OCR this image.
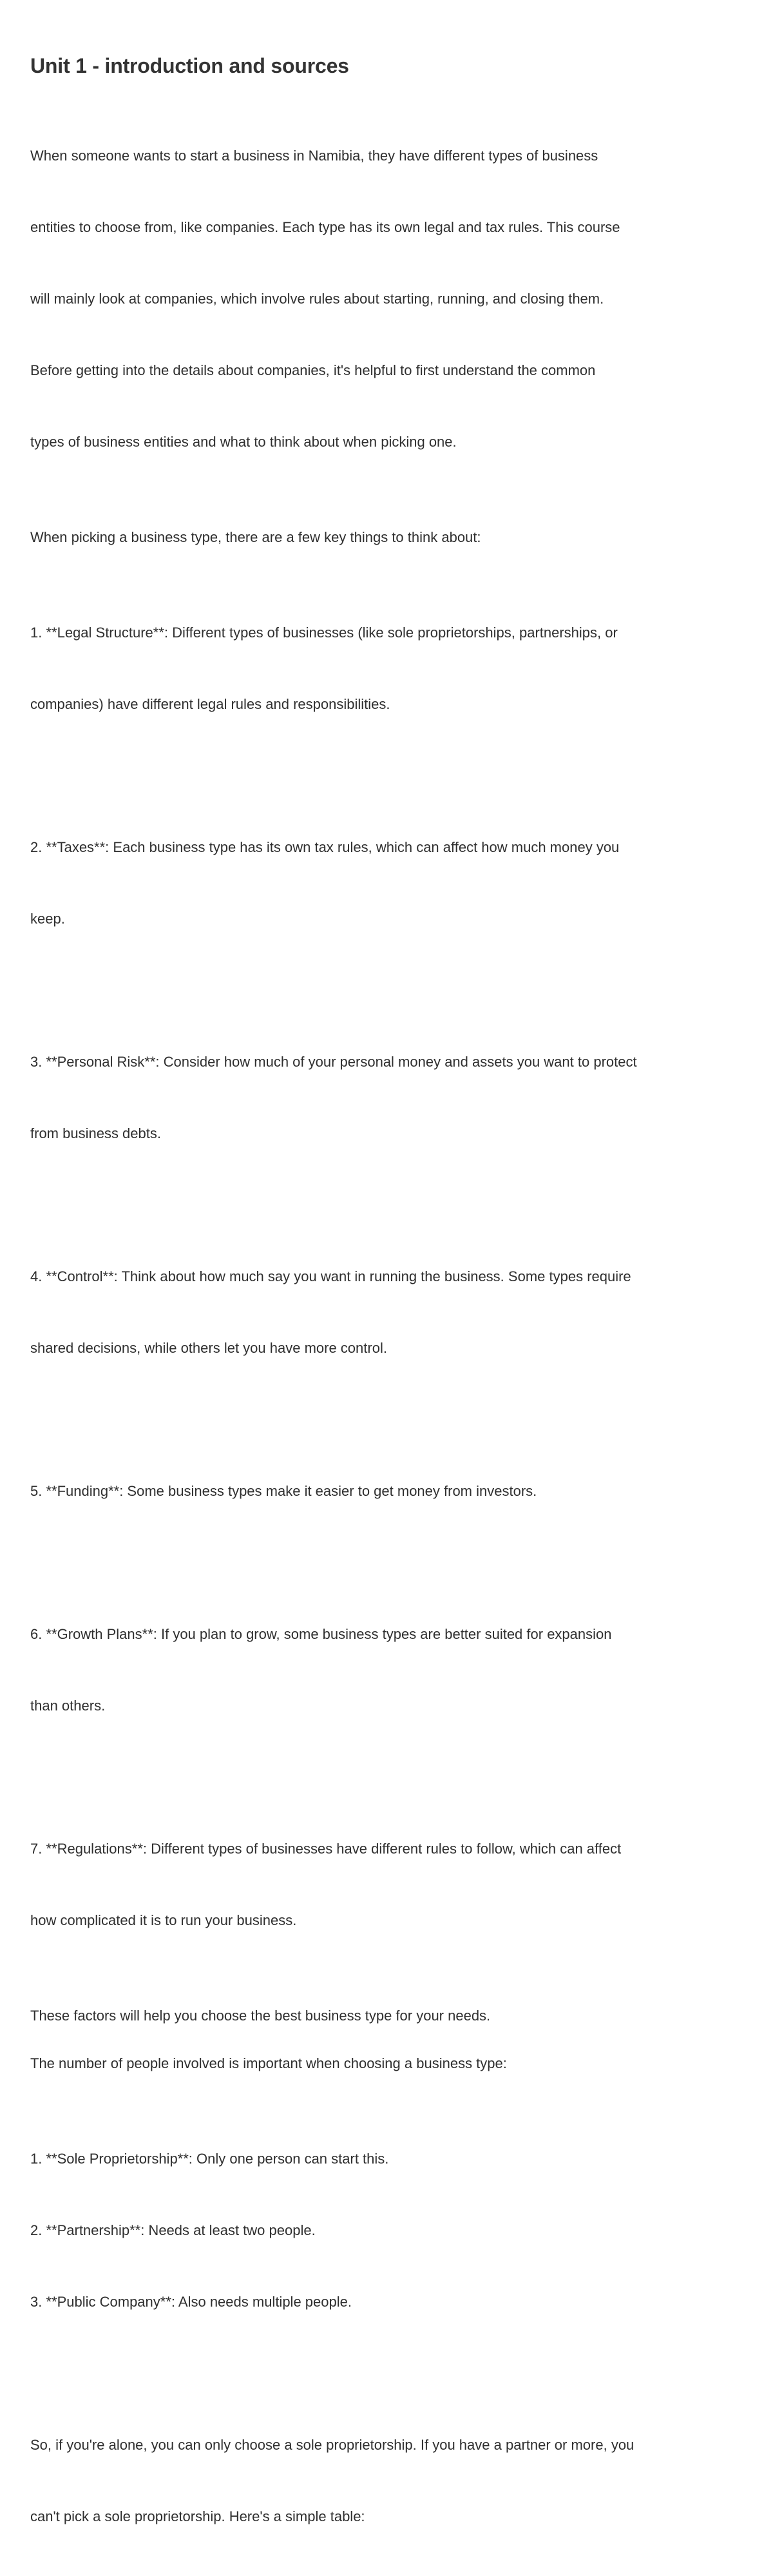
Unit 1 - introduction and sources

When someone wants to start a business in Namibia, they have different types of business

entities to choose from, like companies. Each type has its own legal and tax rules. This course

will mainly look at companies, which involve rules about starting, running, and closing them.

Before getting into the details about companies, it's helpful to first understand the common

types of business entities and what to think about when picking one.

When picking a business type, there are a few key things to think about:

1. **Legal Structure**: Different types of businesses (like sole proprietorships, partnerships, or

companies) have different legal rules and responsibilities.

2. **Taxes**: Each business type has its own tax rules, which can affect how much money you

keep.

3. **Personal Risk**: Consider how much of your personal money and assets you want to protect

from business debts.

4. **Control**: Think about how much say you want in running the business. Some types require

shared decisions, while others let you have more control.

5. **Funding**: Some business types make it easier to get money from investors.

6. **Growth Plans**: If you plan to grow, some business types are better suited for expansion

than others.

7. **Regulations**: Different types of businesses have different rules to follow, which can affect

how complicated it is to run your business.

These factors will help you choose the best business type for your needs.

The number of people involved is important when choosing a business type:

1. **Sole Proprietorship**: Only one person can start this.

2. **Partnership**: Needs at least two people.

3. **Public Company**: Also needs multiple people.

So, if you're alone, you can only choose a sole proprietorship. If you have a partner or more, you

can't pick a sole proprietorship. Here's a simple table:
